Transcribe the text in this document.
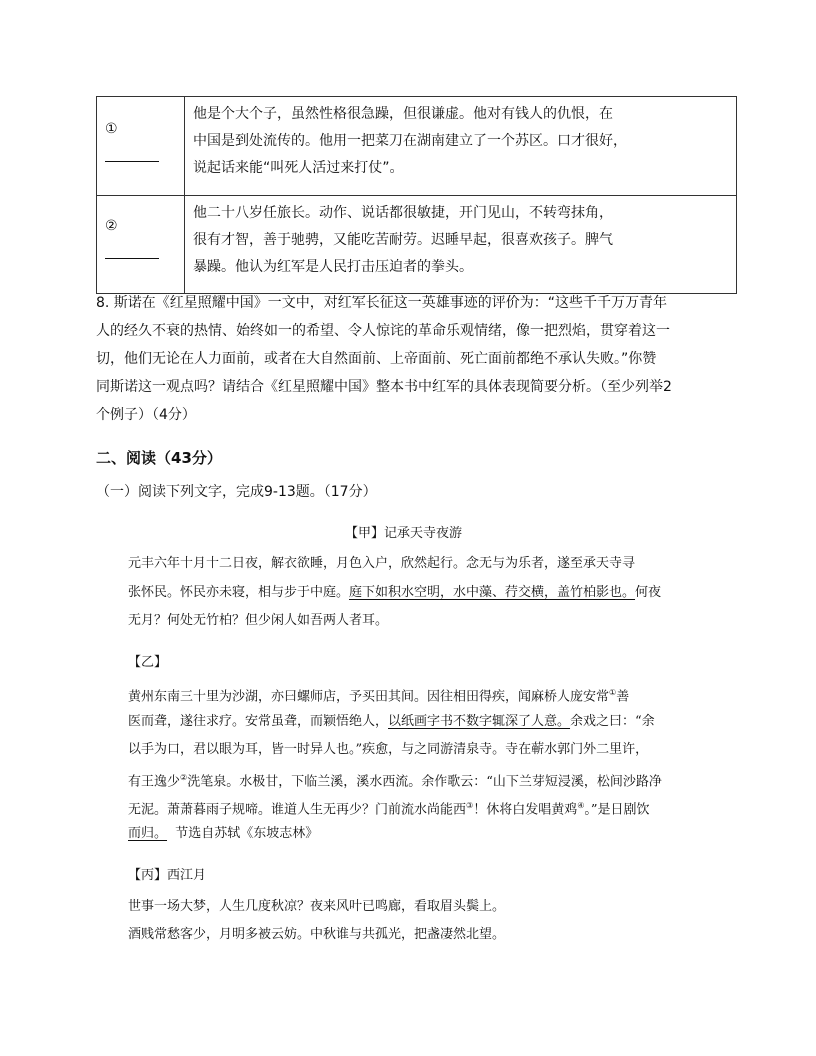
①
他是个大个子，虽然性格很急躁，但很谦虚。他对有钱人的仇恨，在
中国是到处流传的。他用一把菜刀在湖南建立了一个苏区。口才很好，
说起话来能“叫死人活过来打仗”。
②
他二十八岁任旅长。动作、说话都很敏捷，开门见山，不转弯抹角，
很有才智，善于驰骋，又能吃苦耐劳。迟睡早起，很喜欢孩子。脾气
暴躁。他认为红军是人民打击压迫者的拳头。
8. 斯诺在《红星照耀中国》一文中，对红军长征这一英雄事迹的评价为：“这些千千万万青年
人的经久不衰的热情、始终如一的希望、令人惊诧的革命乐观情绪，像一把烈焰，贯穿着这一
切，他们无论在人力面前，或者在大自然面前、上帝面前、死亡面前都绝不承认失败。”你赞
同斯诺这一观点吗？请结合《红星照耀中国》整本书中红军的具体表现简要分析。（至少列举2
个例子）（4分）
二、阅读（43分）
（一）阅读下列文字，完成9-13题。（17分）
【甲】记承天寺夜游
元丰六年十月十二日夜，解衣欲睡，月色入户，欣然起行。念无与为乐者，遂至承天寺寻
张怀民。怀民亦未寝，相与步于中庭。庭下如积水空明，水中藻、荇交横，盖竹柏影也。何夜
无月？何处无竹柏？但少闲人如吾两人者耳。
【乙】
黄州东南三十里为沙湖，亦曰螺师店，予买田其间。因往相田得疾，闻麻桥人庞安常①善
医而聋，遂往求疗。安常虽聋，而颖悟绝人，以纸画字书不数字辄深了人意。余戏之曰：“余
以手为口，君以眼为耳，皆一时异人也。”疾愈，与之同游清泉寺。寺在蕲水郭门外二里许，
有王逸少②洗笔泉。水极甘，下临兰溪，溪水西流。余作歌云：“山下兰芽短浸溪，松间沙路净
无泥。萧萧暮雨子规啼。谁道人生无再少？门前流水尚能西③！休将白发唱黄鸡④。”是日剧饮
而归。  节选自苏轼《东坡志林》
【丙】西江月
世事一场大梦，人生几度秋凉？夜来风叶已鸣廊，看取眉头鬓上。
酒贱常愁客少，月明多被云妨。中秋谁与共孤光，把盏凄然北望。
